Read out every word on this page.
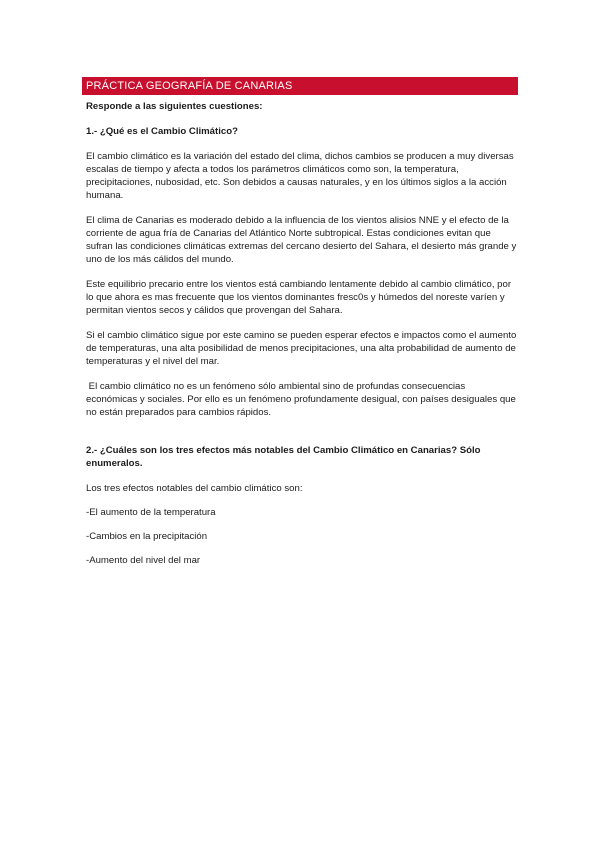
PRÁCTICA GEOGRAFÍA DE CANARIAS

Responde a las siguientes cuestiones:

1.- ¿Qué es el Cambio Climático?

El cambio climático es la variación del estado del clima, dichos cambios se producen a muy diversas escalas de tiempo y afecta a todos los parámetros climáticos como son, la temperatura, precipitaciones, nubosidad, etc. Son debidos a causas naturales, y en los últimos siglos a la acción humana.

El clima de Canarias es moderado debido a la influencia de los vientos alisios NNE y el efecto de la corriente de agua fría de Canarias del Atlántico Norte subtropical. Estas condiciones evitan que sufran las condiciones climáticas extremas del cercano desierto del Sahara, el desierto más grande y uno de los más cálidos del mundo.

Este equilibrio precario entre los vientos está cambiando lentamente debido al cambio climático, por lo que ahora es mas frecuente que los vientos dominantes fresc0s y húmedos del noreste varíen y permitan vientos secos y cálidos que provengan del Sahara.

Si el cambio climático sigue por este camino se pueden esperar efectos e impactos como el aumento de temperaturas, una alta posibilidad de menos precipitaciones, una alta probabilidad de aumento de temperaturas y el nivel del mar.

El cambio climático no es un fenómeno sólo ambiental sino de profundas consecuencias económicas y sociales. Por ello es un fenómeno profundamente desigual, con países desiguales que no están preparados para cambios rápidos.

2.- ¿Cuáles son los tres efectos más notables del Cambio Climático en Canarias? Sólo enumeralos.

Los tres efectos notables del cambio climático son:

-El aumento de la temperatura

-Cambios en la precipitación

-Aumento del nivel del mar
